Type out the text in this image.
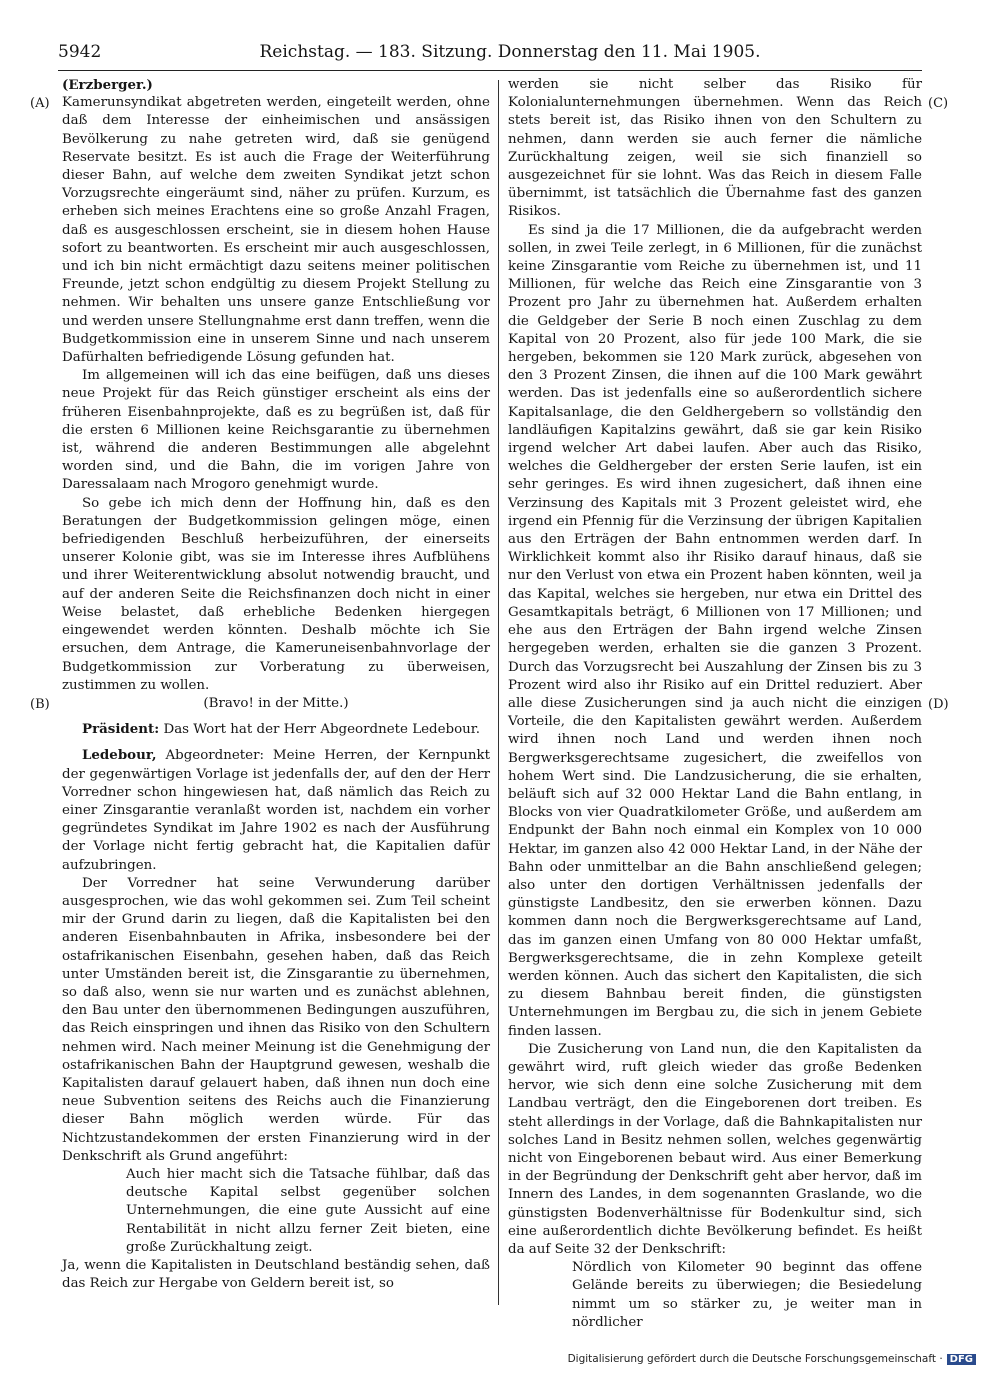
5942	Reichstag. — 183. Sitzung. Donnerstag den 11. Mai 1905.
(A)
(B)
(C)
(D)

(Erzberger.)

Kamerunsyndikat abgetreten werden, eingeteilt werden, ohne daß dem Interesse der einheimischen und ansässigen Bevölkerung zu nahe getreten wird, daß sie genügend Reservate besitzt. Es ist auch die Frage der Weiterführung dieser Bahn, auf welche dem zweiten Syndikat jetzt schon Vorzugsrechte eingeräumt sind, näher zu prüfen. Kurzum, es erheben sich meines Erachtens eine so große Anzahl Fragen, daß es ausgeschlossen erscheint, sie in diesem hohen Hause sofort zu beantworten. Es erscheint mir auch ausgeschlossen, und ich bin nicht ermächtigt dazu seitens meiner politischen Freunde, jetzt schon endgültig zu diesem Projekt Stellung zu nehmen. Wir behalten uns unsere ganze Entschließung vor und werden unsere Stellungnahme erst dann treffen, wenn die Budgetkommission eine in unserem Sinne und nach unserem Dafürhalten befriedigende Lösung gefunden hat.

Im allgemeinen will ich das eine beifügen, daß uns dieses neue Projekt für das Reich günstiger erscheint als eins der früheren Eisenbahnprojekte, daß es zu begrüßen ist, daß für die ersten 6 Millionen keine Reichsgarantie zu übernehmen ist, während die anderen Bestimmungen alle abgelehnt worden sind, und die Bahn, die im vorigen Jahre von Daressalaam nach Mrogoro genehmigt wurde.

So gebe ich mich denn der Hoffnung hin, daß es den Beratungen der Budgetkommission gelingen möge, einen befriedigenden Beschluß herbeizuführen, der einerseits unserer Kolonie gibt, was sie im Interesse ihres Aufblühens und ihrer Weiterentwicklung absolut notwendig braucht, und auf der anderen Seite die Reichsfinanzen doch nicht in einer Weise belastet, daß erhebliche Bedenken hiergegen eingewendet werden könnten. Deshalb möchte ich Sie ersuchen, dem Antrage, die Kameruneisenbahnvorlage der Budgetkommission zur Vorberatung zu überweisen, zustimmen zu wollen.

(Bravo! in der Mitte.)

Präsident: Das Wort hat der Herr Abgeordnete Ledebour.

Ledebour, Abgeordneter: Meine Herren, der Kernpunkt der gegenwärtigen Vorlage ist jedenfalls der, auf den der Herr Vorredner schon hingewiesen hat, daß nämlich das Reich zu einer Zinsgarantie veranlaßt worden ist, nachdem ein vorher gegründetes Syndikat im Jahre 1902 es nach der Ausführung der Vorlage nicht fertig gebracht hat, die Kapitalien dafür aufzubringen.

Der Vorredner hat seine Verwunderung darüber ausgesprochen, wie das wohl gekommen sei. Zum Teil scheint mir der Grund darin zu liegen, daß die Kapitalisten bei den anderen Eisenbahnbauten in Afrika, insbesondere bei der ostafrikanischen Eisenbahn, gesehen haben, daß das Reich unter Umständen bereit ist, die Zinsgarantie zu übernehmen, so daß also, wenn sie nur warten und es zunächst ablehnen, den Bau unter den übernommenen Bedingungen auszuführen, das Reich einspringen und ihnen das Risiko von den Schultern nehmen wird. Nach meiner Meinung ist die Genehmigung der ostafrikanischen Bahn der Hauptgrund gewesen, weshalb die Kapitalisten darauf gelauert haben, daß ihnen nun doch eine neue Subvention seitens des Reichs auch die Finanzierung dieser Bahn möglich werden würde. Für das Nichtzustandekommen der ersten Finanzierung wird in der Denkschrift als Grund angeführt:

Auch hier macht sich die Tatsache fühlbar, daß das deutsche Kapital selbst gegenüber solchen Unternehmungen, die eine gute Aussicht auf eine Rentabilität in nicht allzu ferner Zeit bieten, eine große Zurückhaltung zeigt.

Ja, wenn die Kapitalisten in Deutschland beständig sehen, daß das Reich zur Hergabe von Geldern bereit ist, so

werden sie nicht selber das Risiko für Kolonialunternehmungen übernehmen. Wenn das Reich stets bereit ist, das Risiko ihnen von den Schultern zu nehmen, dann werden sie auch ferner die nämliche Zurückhaltung zeigen, weil sie sich finanziell so ausgezeichnet für sie lohnt. Was das Reich in diesem Falle übernimmt, ist tatsächlich die Übernahme fast des ganzen Risikos.

Es sind ja die 17 Millionen, die da aufgebracht werden sollen, in zwei Teile zerlegt, in 6 Millionen, für die zunächst keine Zinsgarantie vom Reiche zu übernehmen ist, und 11 Millionen, für welche das Reich eine Zinsgarantie von 3 Prozent pro Jahr zu übernehmen hat. Außerdem erhalten die Geldgeber der Serie B noch einen Zuschlag zu dem Kapital von 20 Prozent, also für jede 100 Mark, die sie hergeben, bekommen sie 120 Mark zurück, abgesehen von den 3 Prozent Zinsen, die ihnen auf die 100 Mark gewährt werden. Das ist jedenfalls eine so außerordentlich sichere Kapitalsanlage, die den Geldhergebern so vollständig den landläufigen Kapitalzins gewährt, daß sie gar kein Risiko irgend welcher Art dabei laufen. Aber auch das Risiko, welches die Geldhergeber der ersten Serie laufen, ist ein sehr geringes. Es wird ihnen zugesichert, daß ihnen eine Verzinsung des Kapitals mit 3 Prozent geleistet wird, ehe irgend ein Pfennig für die Verzinsung der übrigen Kapitalien aus den Erträgen der Bahn entnommen werden darf. In Wirklichkeit kommt also ihr Risiko darauf hinaus, daß sie nur den Verlust von etwa ein Prozent haben könnten, weil ja das Kapital, welches sie hergeben, nur etwa ein Drittel des Gesamtkapitals beträgt, 6 Millionen von 17 Millionen; und ehe aus den Erträgen der Bahn irgend welche Zinsen hergegeben werden, erhalten sie die ganzen 3 Prozent. Durch das Vorzugsrecht bei Auszahlung der Zinsen bis zu 3 Prozent wird also ihr Risiko auf ein Drittel reduziert. Aber alle diese Zusicherungen sind ja auch nicht die einzigen Vorteile, die den Kapitalisten gewährt werden. Außerdem wird ihnen noch Land und werden ihnen noch Bergwerksgerechtsame zugesichert, die zweifellos von hohem Wert sind. Die Landzusicherung, die sie erhalten, beläuft sich auf 32 000 Hektar Land die Bahn entlang, in Blocks von vier Quadratkilometer Größe, und außerdem am Endpunkt der Bahn noch einmal ein Komplex von 10 000 Hektar, im ganzen also 42 000 Hektar Land, in der Nähe der Bahn oder unmittelbar an die Bahn anschließend gelegen; also unter den dortigen Verhältnissen jedenfalls der günstigste Landbesitz, den sie erwerben können. Dazu kommen dann noch die Bergwerksgerechtsame auf Land, das im ganzen einen Umfang von 80 000 Hektar umfaßt, Bergwerksgerechtsame, die in zehn Komplexe geteilt werden können. Auch das sichert den Kapitalisten, die sich zu diesem Bahnbau bereit finden, die günstigsten Unternehmungen im Bergbau zu, die sich in jenem Gebiete finden lassen.

Die Zusicherung von Land nun, die den Kapitalisten da gewährt wird, ruft gleich wieder das große Bedenken hervor, wie sich denn eine solche Zusicherung mit dem Landbau verträgt, den die Eingeborenen dort treiben. Es steht allerdings in der Vorlage, daß die Bahnkapitalisten nur solches Land in Besitz nehmen sollen, welches gegenwärtig nicht von Eingeborenen bebaut wird. Aus einer Bemerkung in der Begründung der Denkschrift geht aber hervor, daß im Innern des Landes, in dem sogenannten Graslande, wo die günstigsten Bodenverhältnisse für Bodenkultur sind, sich eine außerordentlich dichte Bevölkerung befindet. Es heißt da auf Seite 32 der Denkschrift:

Nördlich von Kilometer 90 beginnt das offene Gelände bereits zu überwiegen; die Besiedelung nimmt um so stärker zu, je weiter man in nördlicher
Digitalisierung gefördert durch die Deutsche Forschungsgemeinschaft · DFG
